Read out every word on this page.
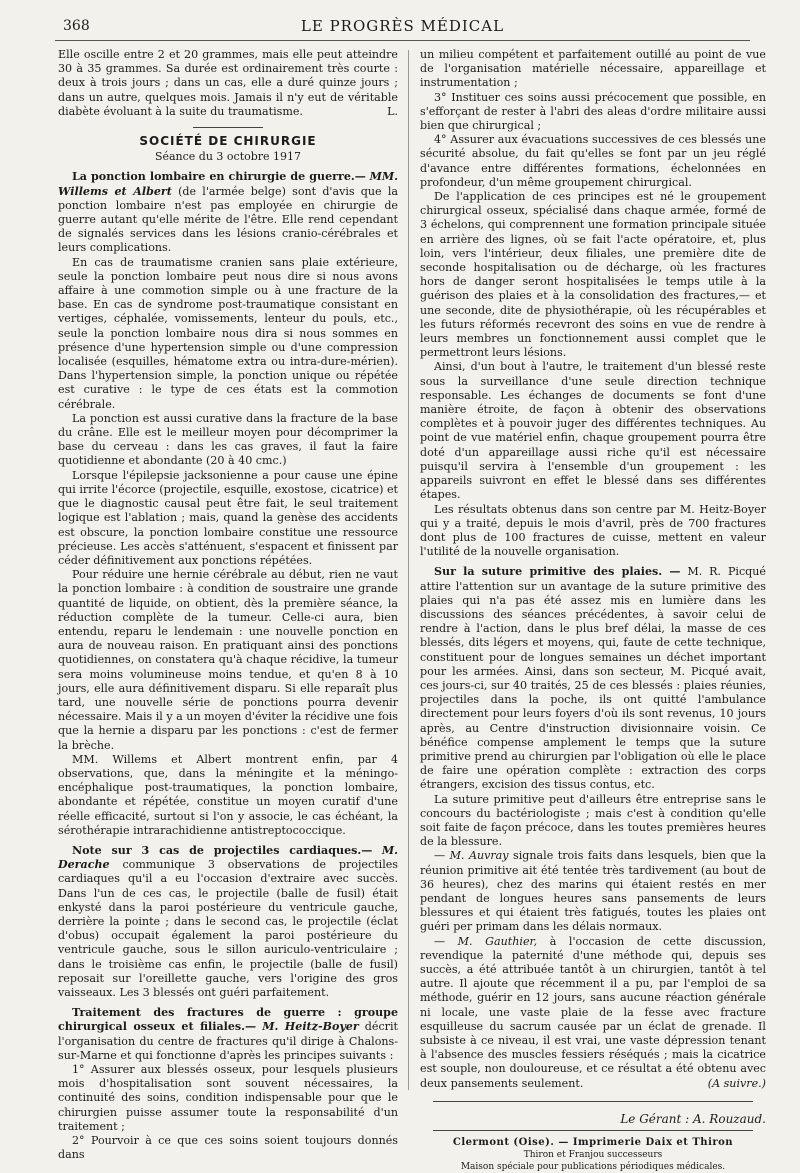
368	LE PROGRÈS MÉDICAL

Elle oscille entre 2 et 20 grammes, mais elle peut atteindre 30 à 35 grammes. Sa durée est ordinairement très courte : deux à trois jours ; dans un cas, elle a duré quinze jours ; dans un autre, quelques mois. Jamais il n'y eut de véritable diabète évoluant à la suite du traumatisme.	L.

SOCIÉTÉ DE CHIRURGIE
Séance du 3 octobre 1917

La ponction lombaire en chirurgie de guerre.— MM. Willems et Albert (de l'armée belge) sont d'avis que la ponction lombaire n'est pas employée en chirurgie de guerre autant qu'elle mérite de l'être. Elle rend cependant de signalés services dans les lésions cranio-cérébrales et leurs complications.

En cas de traumatisme cranien sans plaie extérieure, seule la ponction lombaire peut nous dire si nous avons affaire à une commotion simple ou à une fracture de la base. En cas de syndrome post-traumatique consistant en vertiges, céphalée, vomissements, lenteur du pouls, etc., seule la ponction lombaire nous dira si nous sommes en présence d'une hypertension simple ou d'une compression localisée (esquilles, hématome extra ou intra-dure-mérien). Dans l'hypertension simple, la ponction unique ou répétée est curative : le type de ces états est la commotion cérébrale.

La ponction est aussi curative dans la fracture de la base du crâne. Elle est le meilleur moyen pour décomprimer la base du cerveau : dans les cas graves, il faut la faire quotidienne et abondante (20 à 40 cmc.)

Lorsque l'épilepsie jacksonienne a pour cause une épine qui irrite l'écorce (projectile, esquille, exostose, cicatrice) et que le diagnostic causal peut être fait, le seul traitement logique est l'ablation ; mais, quand la genèse des accidents est obscure, la ponction lombaire constitue une ressource précieuse. Les accès s'atténuent, s'espacent et finissent par céder définitivement aux ponctions répétées.

Pour réduire une hernie cérébrale au début, rien ne vaut la ponction lombaire : à condition de soustraire une grande quantité de liquide, on obtient, dès la première séance, la réduction complète de la tumeur. Celle-ci aura, bien entendu, reparu le lendemain : une nouvelle ponction en aura de nouveau raison. En pratiquant ainsi des ponctions quotidiennes, on constatera qu'à chaque récidive, la tumeur sera moins volumineuse moins tendue, et qu'en 8 à 10 jours, elle aura définitivement disparu. Si elle reparaît plus tard, une nouvelle série de ponctions pourra devenir nécessaire. Mais il y a un moyen d'éviter la récidive une fois que la hernie a disparu par les ponctions : c'est de fermer la brèche.

MM. Willems et Albert montrent enfin, par 4 observations, que, dans la méningite et la méningo-encéphalique post-traumatiques, la ponction lombaire, abondante et répétée, constitue un moyen curatif d'une réelle efficacité, surtout si l'on y associe, le cas échéant, la sérothérapie intrarachidienne antistreptococcique.

Note sur 3 cas de projectiles cardiaques.— M. Derache communique 3 observations de projectiles cardiaques qu'il a eu l'occasion d'extraire avec succès. Dans l'un de ces cas, le projectile (balle de fusil) était enkysté dans la paroi postérieure du ventricule gauche, derrière la pointe ; dans le second cas, le projectile (éclat d'obus) occupait également la paroi postérieure du ventricule gauche, sous le sillon auriculo-ventriculaire ; dans le troisième cas enfin, le projectile (balle de fusil) reposait sur l'oreillette gauche, vers l'origine des gros vaisseaux. Les 3 blessés ont guéri parfaitement.

Traitement des fractures de guerre : groupe chirurgical osseux et filiales.— M. Heitz-Boyer décrit l'organisation du centre de fractures qu'il dirige à Chalons-sur-Marne et qui fonctionne d'après les principes suivants :

1° Assurer aux blessés osseux, pour lesquels plusieurs mois d'hospitalisation sont souvent nécessaires, la continuité des soins, condition indispensable pour que le chirurgien puisse assumer toute la responsabilité d'un traitement ;

2° Pourvoir à ce que ces soins soient toujours donnés dans

un milieu compétent et parfaitement outillé au point de vue de l'organisation matérielle nécessaire, appareillage et instrumentation ;

3° Instituer ces soins aussi précocement que possible, en s'efforçant de rester à l'abri des aleas d'ordre militaire aussi bien que chirurgical ;

4° Assurer aux évacuations successives de ces blessés une sécurité absolue, du fait qu'elles se font par un jeu réglé d'avance entre différentes formations, échelonnées en profondeur, d'un même groupement chirurgical.

De l'application de ces principes est né le groupement chirurgical osseux, spécialisé dans chaque armée, formé de 3 échelons, qui comprennent une formation principale située en arrière des lignes, où se fait l'acte opératoire, et, plus loin, vers l'intérieur, deux filiales, une première dite de seconde hospitalisation ou de décharge, où les fractures hors de danger seront hospitalisées le temps utile à la guérison des plaies et à la consolidation des fractures,— et une seconde, dite de physiothérapie, où les récupérables et les futurs réformés recevront des soins en vue de rendre à leurs membres un fonctionnement aussi complet que le permettront leurs lésions.

Ainsi, d'un bout à l'autre, le traitement d'un blessé reste sous la surveillance d'une seule direction technique responsable. Les échanges de documents se font d'une manière étroite, de façon à obtenir des observations complètes et à pouvoir juger des différentes techniques. Au point de vue matériel enfin, chaque groupement pourra être doté d'un appareillage aussi riche qu'il est nécessaire puisqu'il servira à l'ensemble d'un groupement : les appareils suivront en effet le blessé dans ses différentes étapes.

Les résultats obtenus dans son centre par M. Heitz-Boyer qui y a traité, depuis le mois d'avril, près de 700 fractures dont plus de 100 fractures de cuisse, mettent en valeur l'utilité de la nouvelle organisation.

Sur la suture primitive des plaies. — M. R. Picqué attire l'attention sur un avantage de la suture primitive des plaies qui n'a pas été assez mis en lumière dans les discussions des séances précédentes, à savoir celui de rendre à l'action, dans le plus bref délai, la masse de ces blessés, dits légers et moyens, qui, faute de cette technique, constituent pour de longues semaines un déchet important pour les armées. Ainsi, dans son secteur, M. Picqué avait, ces jours-ci, sur 40 traités, 25 de ces blessés : plaies réunies, projectiles dans la poche, ils ont quitté l'ambulance directement pour leurs foyers d'où ils sont revenus, 10 jours après, au Centre d'instruction divisionnaire voisin. Ce bénéfice compense amplement le temps que la suture primitive prend au chirurgien par l'obligation où elle le place de faire une opération complète : extraction des corps étrangers, excision des tissus contus, etc.

La suture primitive peut d'ailleurs être entreprise sans le concours du bactériologiste ; mais c'est à condition qu'elle soit faite de façon précoce, dans les toutes premières heures de la blessure.

— M. Auvray signale trois faits dans lesquels, bien que la réunion primitive ait été tentée très tardivement (au bout de 36 heures), chez des marins qui étaient restés en mer pendant de longues heures sans pansements de leurs blessures et qui étaient très fatigués, toutes les plaies ont guéri per primam dans les délais normaux.

— M. Gauthier, à l'occasion de cette discussion, revendique la paternité d'une méthode qui, depuis ses succès, a été attribuée tantôt à un chirurgien, tantôt à tel autre. Il ajoute que récemment il a pu, par l'emploi de sa méthode, guérir en 12 jours, sans aucune réaction générale ni locale, une vaste plaie de la fesse avec fracture esquilleuse du sacrum causée par un éclat de grenade. Il subsiste à ce niveau, il est vrai, une vaste dépression tenant à l'absence des muscles fessiers réséqués ; mais la cicatrice est souple, non douloureuse, et ce résultat a été obtenu avec deux pansements seulement.	(A suivre.)

Le Gérant : A. Rouzaud.
Clermont (Oise). — Imprimerie Daix et Thiron
Thiron et Franjou successeurs
Maison spéciale pour publications périodiques médicales.
